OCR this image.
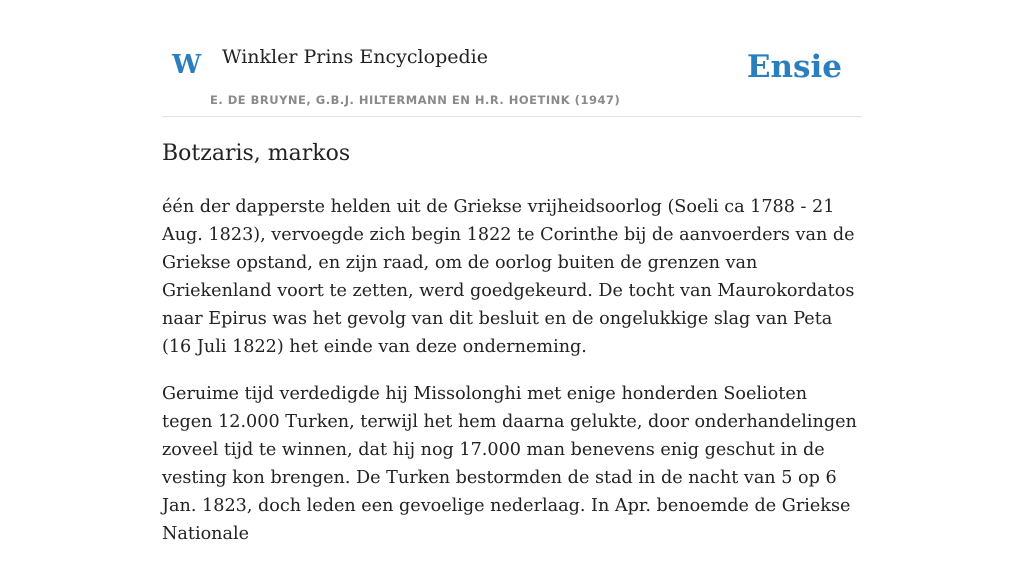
W Winkler Prins Encyclopedie
E. DE BRUYNE, G.B.J. HILTERMANN EN H.R. HOETINK (1947)
Ensie
Botzaris, markos

één der dapperste helden uit de Griekse vrijheidsoorlog (Soeli ca 1788 - 21 Aug. 1823), vervoegde zich begin 1822 te Corinthe bij de aanvoerders van de Griekse opstand, en zijn raad, om de oorlog buiten de grenzen van Griekenland voort te zetten, werd goedgekeurd. De tocht van Maurokordatos naar Epirus was het gevolg van dit besluit en de ongelukkige slag van Peta (16 Juli 1822) het einde van deze onderneming.

Geruime tijd verdedigde hij Missolonghi met enige honderden Soelioten tegen 12.000 Turken, terwijl het hem daarna gelukte, door onderhandelingen zoveel tijd te winnen, dat hij nog 17.000 man benevens enig geschut in de vesting kon brengen. De Turken bestormden de stad in de nacht van 5 op 6 Jan. 1823, doch leden een gevoelige nederlaag. In Apr. benoemde de Griekse Nationale
